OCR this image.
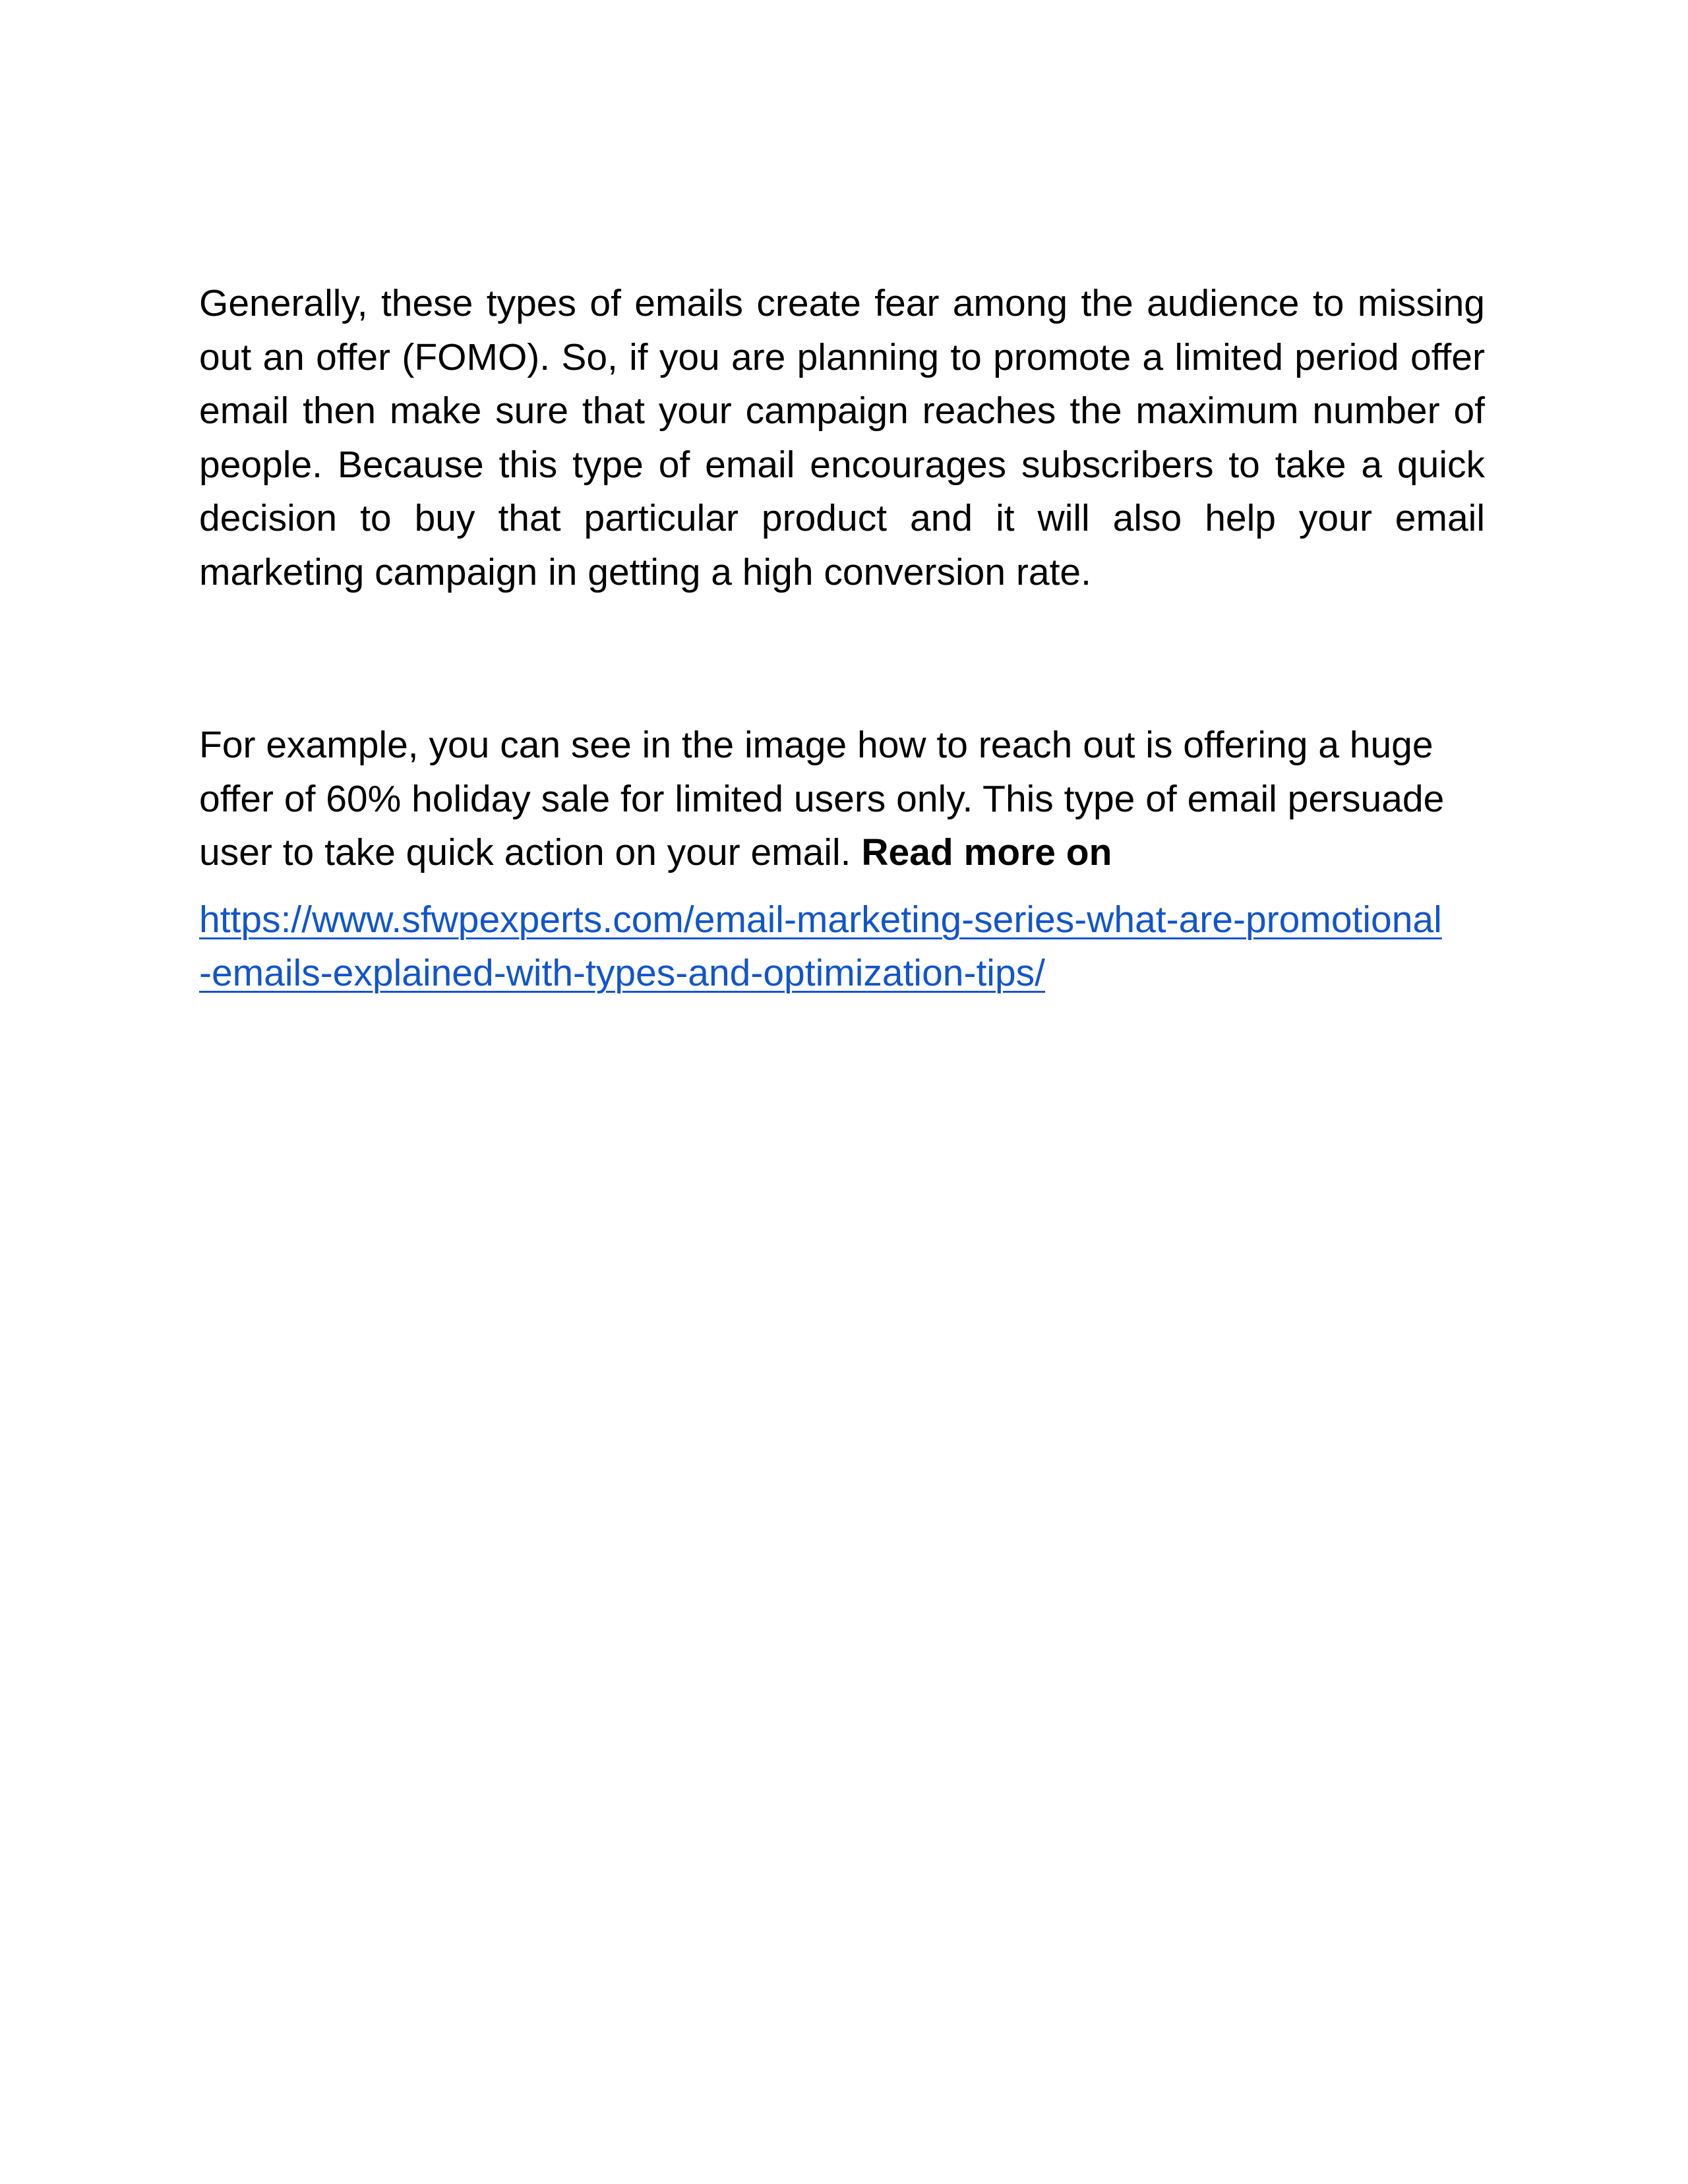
Generally, these types of emails create fear among the audience to missing out an offer (FOMO). So, if you are planning to promote a limited period offer email then make sure that your campaign reaches the maximum number of people. Because this type of email encourages subscribers to take a quick decision to buy that particular product and it will also help your email marketing campaign in getting a high conversion rate.

For example, you can see in the image how to reach out is offering a huge offer of 60% holiday sale for limited users only. This type of email persuade user to take quick action on your email. Read more on

https://www.sfwpexperts.com/email-marketing-series-what-are-promotional
-emails-explained-with-types-and-optimization-tips/
